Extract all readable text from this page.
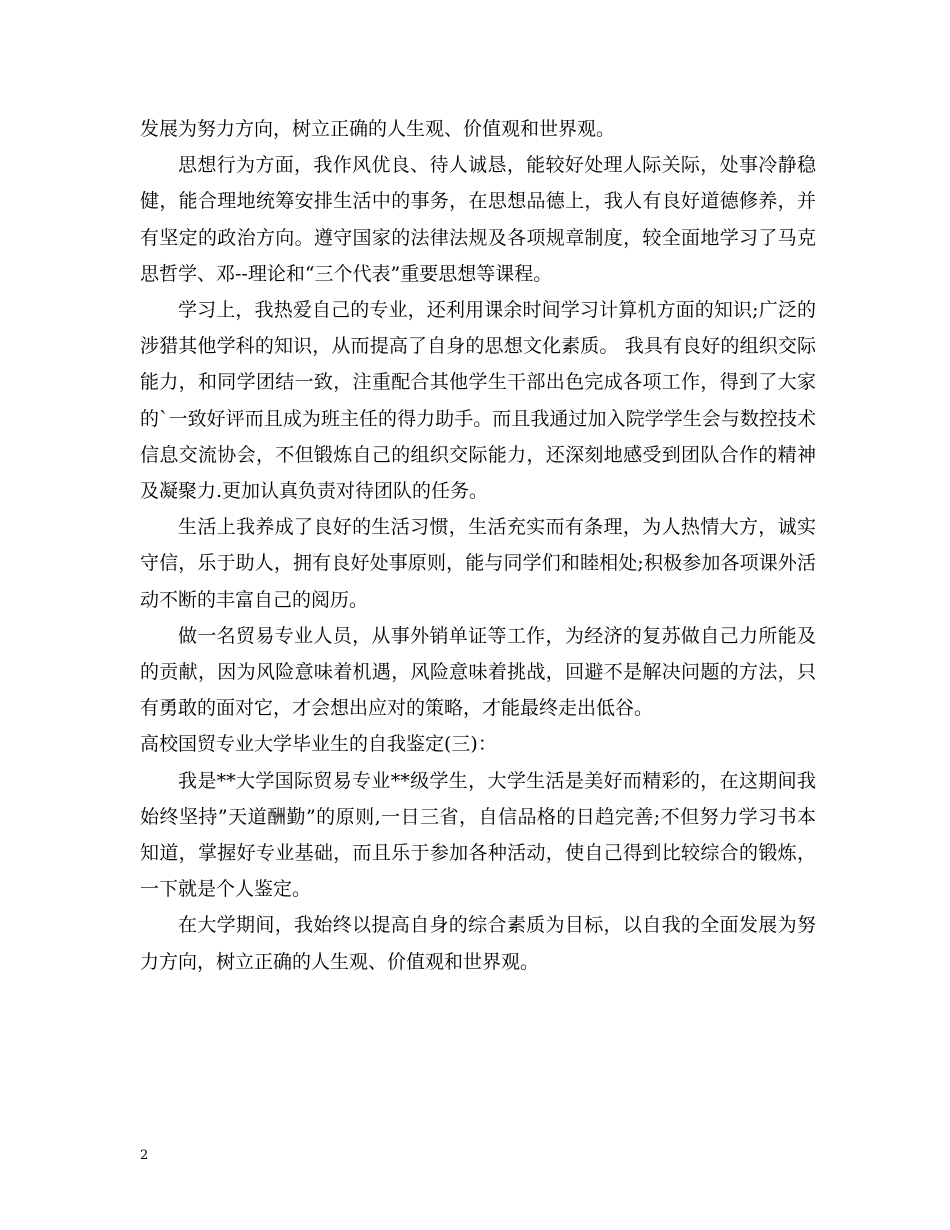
发展为努力方向，树立正确的人生观、价值观和世界观。

思想行为方面，我作风优良、待人诚恳，能较好处理人际关际，处事冷静稳健，能合理地统筹安排生活中的事务，在思想品德上，我人有良好道德修养，并有坚定的政治方向。遵守国家的法律法规及各项规章制度，较全面地学习了马克思哲学、邓--理论和“三个代表”重要思想等课程。

学习上，我热爱自己的专业，还利用课余时间学习计算机方面的知识;广泛的涉猎其他学科的知识，从而提高了自身的思想文化素质。 我具有良好的组织交际能力，和同学团结一致，注重配合其他学生干部出色完成各项工作，得到了大家的`一致好评而且成为班主任的得力助手。而且我通过加入院学学生会与数控技术信息交流协会，不但锻炼自己的组织交际能力，还深刻地感受到团队合作的精神及凝聚力.更加认真负责对待团队的任务。

生活上我养成了良好的生活习惯，生活充实而有条理，为人热情大方，诚实守信，乐于助人，拥有良好处事原则，能与同学们和睦相处;积极参加各项课外活动不断的丰富自己的阅历。

做一名贸易专业人员，从事外销单证等工作，为经济的复苏做自己力所能及的贡献，因为风险意味着机遇，风险意味着挑战，回避不是解决问题的方法，只有勇敢的面对它，才会想出应对的策略，才能最终走出低谷。

高校国贸专业大学毕业生的自我鉴定(三)：

我是**大学国际贸易专业**级学生，大学生活是美好而精彩的，在这期间我始终坚持”天道酬勤”的原则,一日三省，自信品格的日趋完善;不但努力学习书本知道，掌握好专业基础，而且乐于参加各种活动，使自己得到比较综合的锻炼，一下就是个人鉴定。

在大学期间，我始终以提高自身的综合素质为目标，以自我的全面发展为努力方向，树立正确的人生观、价值观和世界观。

2
